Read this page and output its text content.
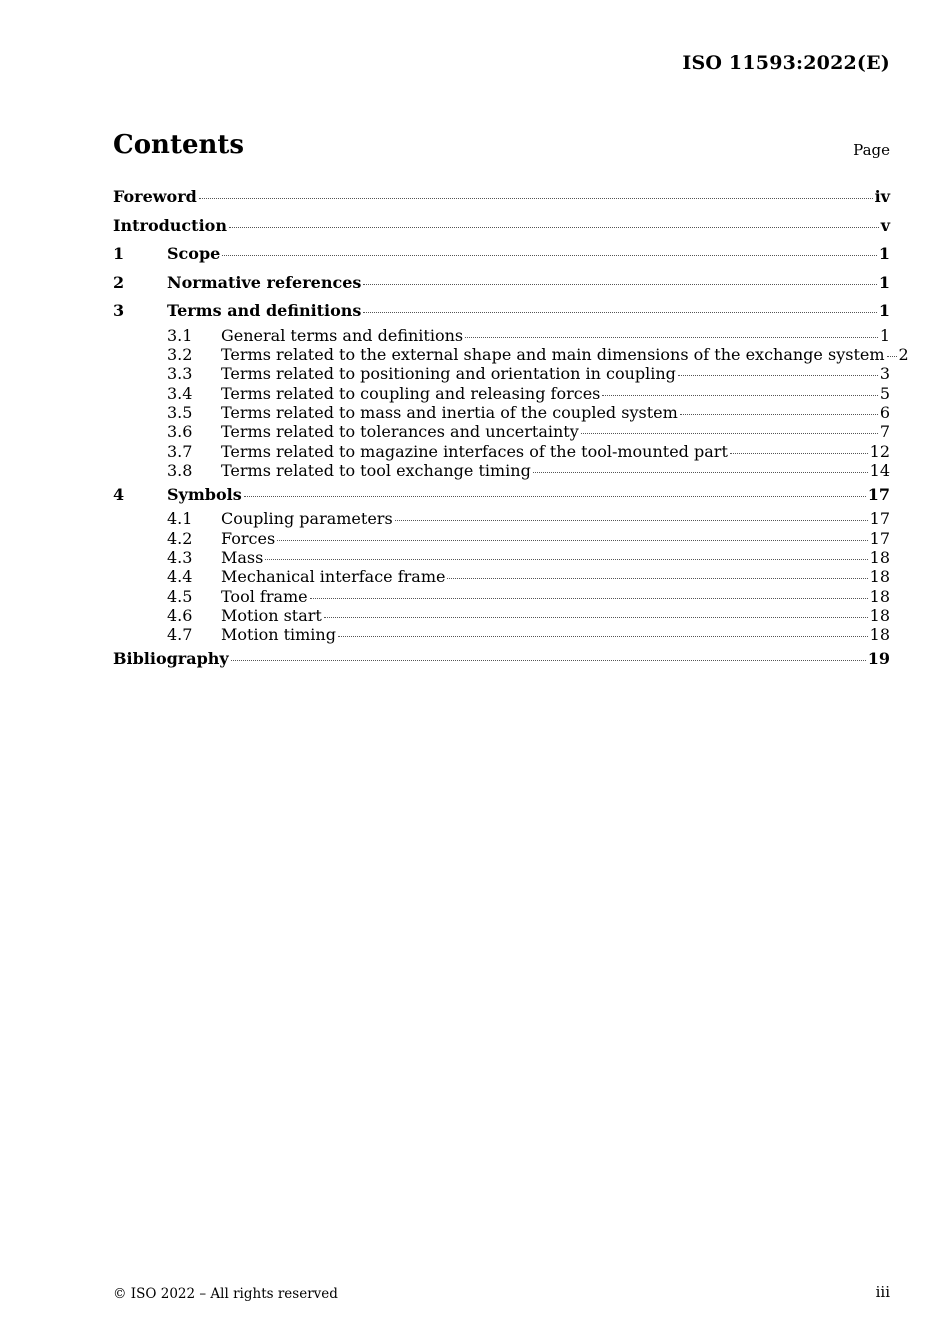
ISO 11593:2022(E)
Contents	Page
Foreword	iv
Introduction	v
1	Scope	1
2	Normative references	1
3	Terms and definitions	1
3.1	General terms and definitions	1
3.2	Terms related to the external shape and main dimensions of the exchange system 2
3.3	Terms related to positioning and orientation in coupling	3
3.4	Terms related to coupling and releasing forces	5
3.5	Terms related to mass and inertia of the coupled system	6
3.6	Terms related to tolerances and uncertainty	7
3.7	Terms related to magazine interfaces of the tool-mounted part	12
3.8	Terms related to tool exchange timing	14
4	Symbols	17
4.1	Coupling parameters	17
4.2	Forces	17
4.3	Mass	18
4.4	Mechanical interface frame	18
4.5	Tool frame	18
4.6	Motion start	18
4.7	Motion timing	18
Bibliography	19
© ISO 2022 – All rights reserved	iii
